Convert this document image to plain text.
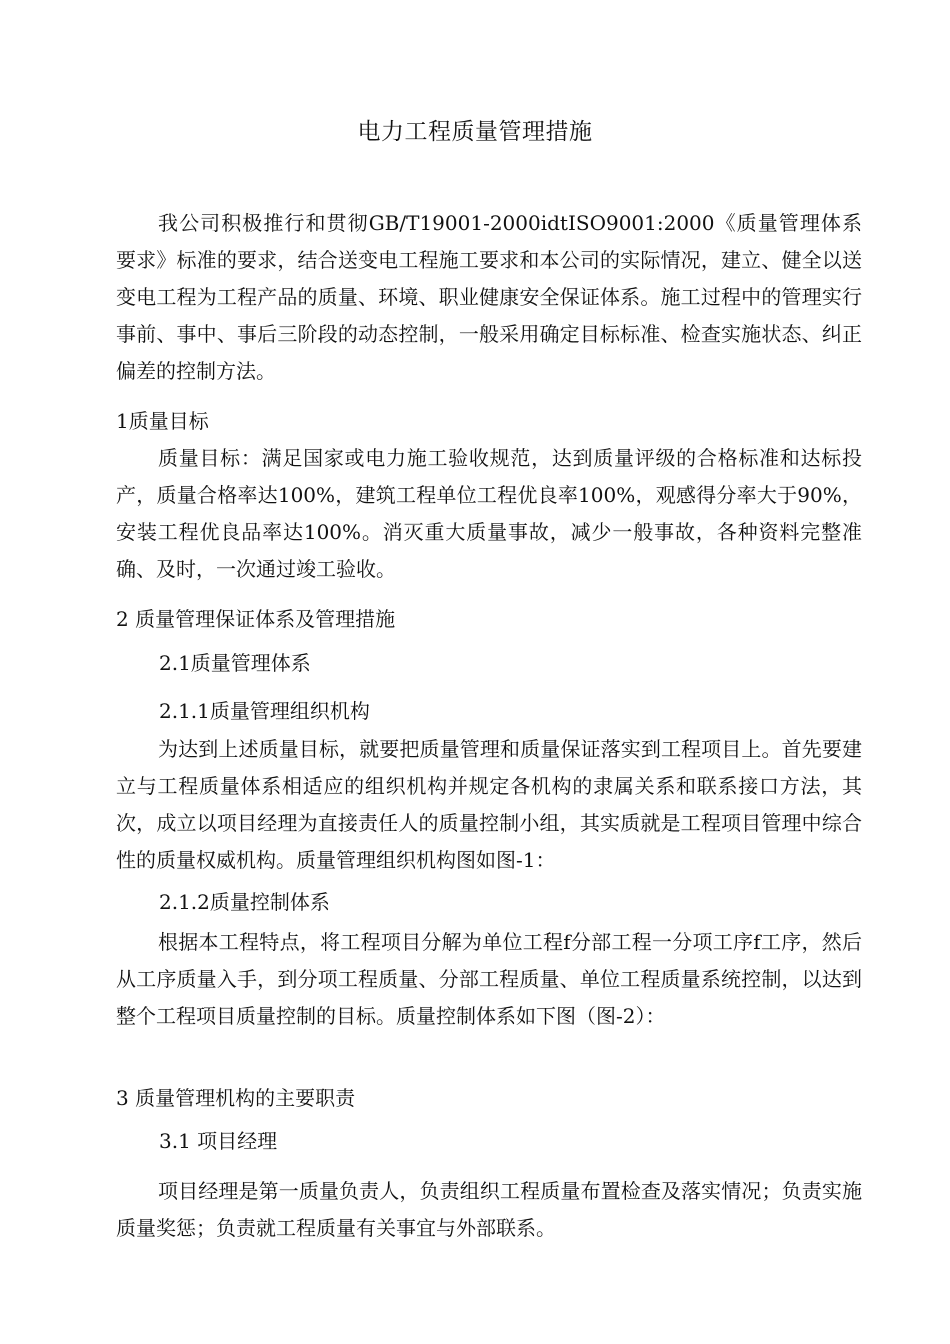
电力工程质量管理措施
我公司积极推行和贯彻GB/T19001-2000idtISO9001:2000《质量管理体系要求》标准的要求，结合送变电工程施工要求和本公司的实际情况，建立、健全以送变电工程为工程产品的质量、环境、职业健康安全保证体系。施工过程中的管理实行事前、事中、事后三阶段的动态控制，一般采用确定目标标准、检查实施状态、纠正偏差的控制方法。
1质量目标
质量目标：满足国家或电力施工验收规范，达到质量评级的合格标准和达标投产，质量合格率达100%，建筑工程单位工程优良率100%，观感得分率大于90%，安装工程优良品率达100%。消灭重大质量事故，减少一般事故，各种资料完整准确、及时，一次通过竣工验收。
2 质量管理保证体系及管理措施
2.1质量管理体系
2.1.1质量管理组织机构
为达到上述质量目标，就要把质量管理和质量保证落实到工程项目上。首先要建立与工程质量体系相适应的组织机构并规定各机构的隶属关系和联系接口方法，其次，成立以项目经理为直接责任人的质量控制小组，其实质就是工程项目管理中综合性的质量权威机构。质量管理组织机构图如图-1：
2.1.2质量控制体系
根据本工程特点，将工程项目分解为单位工程f分部工程一分项工序f工序，然后从工序质量入手，到分项工程质量、分部工程质量、单位工程质量系统控制，以达到整个工程项目质量控制的目标。质量控制体系如下图（图-2）：
3 质量管理机构的主要职责
3.1 项目经理
项目经理是第一质量负责人，负责组织工程质量布置检查及落实情况；负责实施质量奖惩；负责就工程质量有关事宜与外部联系。
